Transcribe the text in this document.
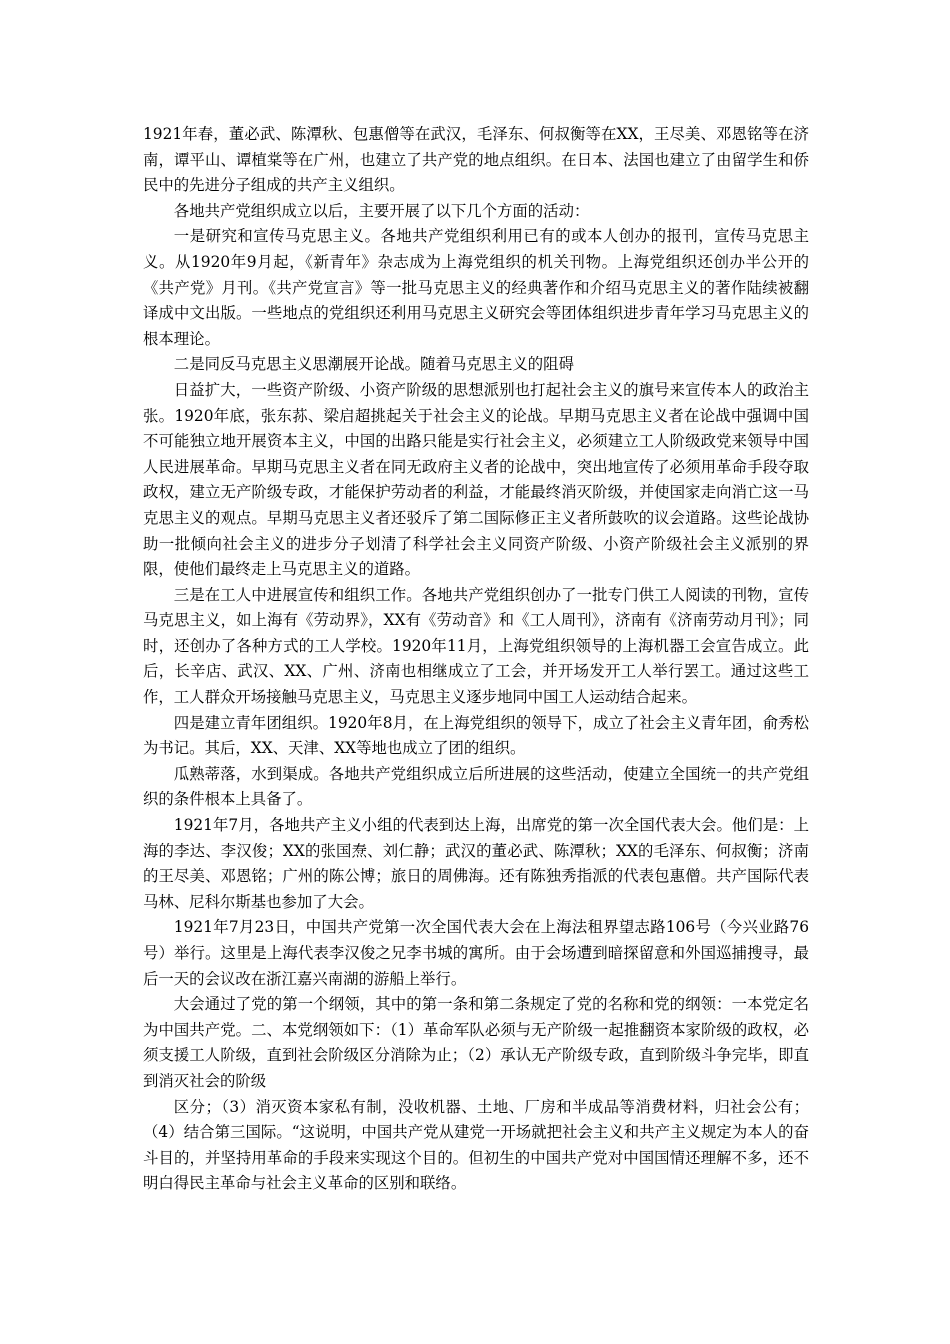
1921年春，董必武、陈潭秋、包惠僧等在武汉，毛泽东、何叔衡等在XX，王尽美、邓恩铭等在济南，谭平山、谭植棠等在广州，也建立了共产党的地点组织。在日本、法国也建立了由留学生和侨民中的先进分子组成的共产主义组织。

各地共产党组织成立以后，主要开展了以下几个方面的活动：

一是研究和宣传马克思主义。各地共产党组织利用已有的或本人创办的报刊，宣传马克思主义。从1920年9月起，《新青年》杂志成为上海党组织的机关刊物。上海党组织还创办半公开的《共产党》月刊。《共产党宣言》等一批马克思主义的经典著作和介绍马克思主义的著作陆续被翻译成中文出版。一些地点的党组织还利用马克思主义研究会等团体组织进步青年学习马克思主义的根本理论。

二是同反马克思主义思潮展开论战。随着马克思主义的阻碍

日益扩大，一些资产阶级、小资产阶级的思想派别也打起社会主义的旗号来宣传本人的政治主张。1920年底，张东荪、梁启超挑起关于社会主义的论战。早期马克思主义者在论战中强调中国不可能独立地开展资本主义，中国的出路只能是实行社会主义，必须建立工人阶级政党来领导中国人民进展革命。早期马克思主义者在同无政府主义者的论战中，突出地宣传了必须用革命手段夺取政权，建立无产阶级专政，才能保护劳动者的利益，才能最终消灭阶级，并使国家走向消亡这一马克思主义的观点。早期马克思主义者还驳斥了第二国际修正主义者所鼓吹的议会道路。这些论战协助一批倾向社会主义的进步分子划清了科学社会主义同资产阶级、小资产阶级社会主义派别的界限，使他们最终走上马克思主义的道路。

三是在工人中进展宣传和组织工作。各地共产党组织创办了一批专门供工人阅读的刊物，宣传马克思主义，如上海有《劳动界》，XX有《劳动音》和《工人周刊》，济南有《济南劳动月刊》；同时，还创办了各种方式的工人学校。1920年11月，上海党组织领导的上海机器工会宣告成立。此后，长辛店、武汉、XX、广州、济南也相继成立了工会，并开场发开工人举行罢工。通过这些工作，工人群众开场接触马克思主义，马克思主义逐步地同中国工人运动结合起来。

四是建立青年团组织。1920年8月，在上海党组织的领导下，成立了社会主义青年团，俞秀松为书记。其后，XX、天津、XX等地也成立了团的组织。

瓜熟蒂落，水到渠成。各地共产党组织成立后所进展的这些活动，使建立全国统一的共产党组织的条件根本上具备了。

1921年7月，各地共产主义小组的代表到达上海，出席党的第一次全国代表大会。他们是：上海的李达、李汉俊；XX的张国焘、刘仁静；武汉的董必武、陈潭秋；XX的毛泽东、何叔衡；济南的王尽美、邓恩铭；广州的陈公博；旅日的周佛海。还有陈独秀指派的代表包惠僧。共产国际代表马林、尼科尔斯基也参加了大会。

1921年7月23日，中国共产党第一次全国代表大会在上海法租界望志路106号（今兴业路76号）举行。这里是上海代表李汉俊之兄李书城的寓所。由于会场遭到暗探留意和外国巡捕搜寻，最后一天的会议改在浙江嘉兴南湖的游船上举行。

大会通过了党的第一个纲领，其中的第一条和第二条规定了党的名称和党的纲领：一本党定名为中国共产党。二、本党纲领如下：（1）革命军队必须与无产阶级一起推翻资本家阶级的政权，必须支援工人阶级，直到社会阶级区分消除为止；（2）承认无产阶级专政，直到阶级斗争完毕，即直到消灭社会的阶级

区分；（3）消灭资本家私有制，没收机器、土地、厂房和半成品等消费材料，归社会公有；（4）结合第三国际。“这说明，中国共产党从建党一开场就把社会主义和共产主义规定为本人的奋斗目的，并坚持用革命的手段来实现这个目的。但初生的中国共产党对中国国情还理解不多，还不明白得民主革命与社会主义革命的区别和联络。
